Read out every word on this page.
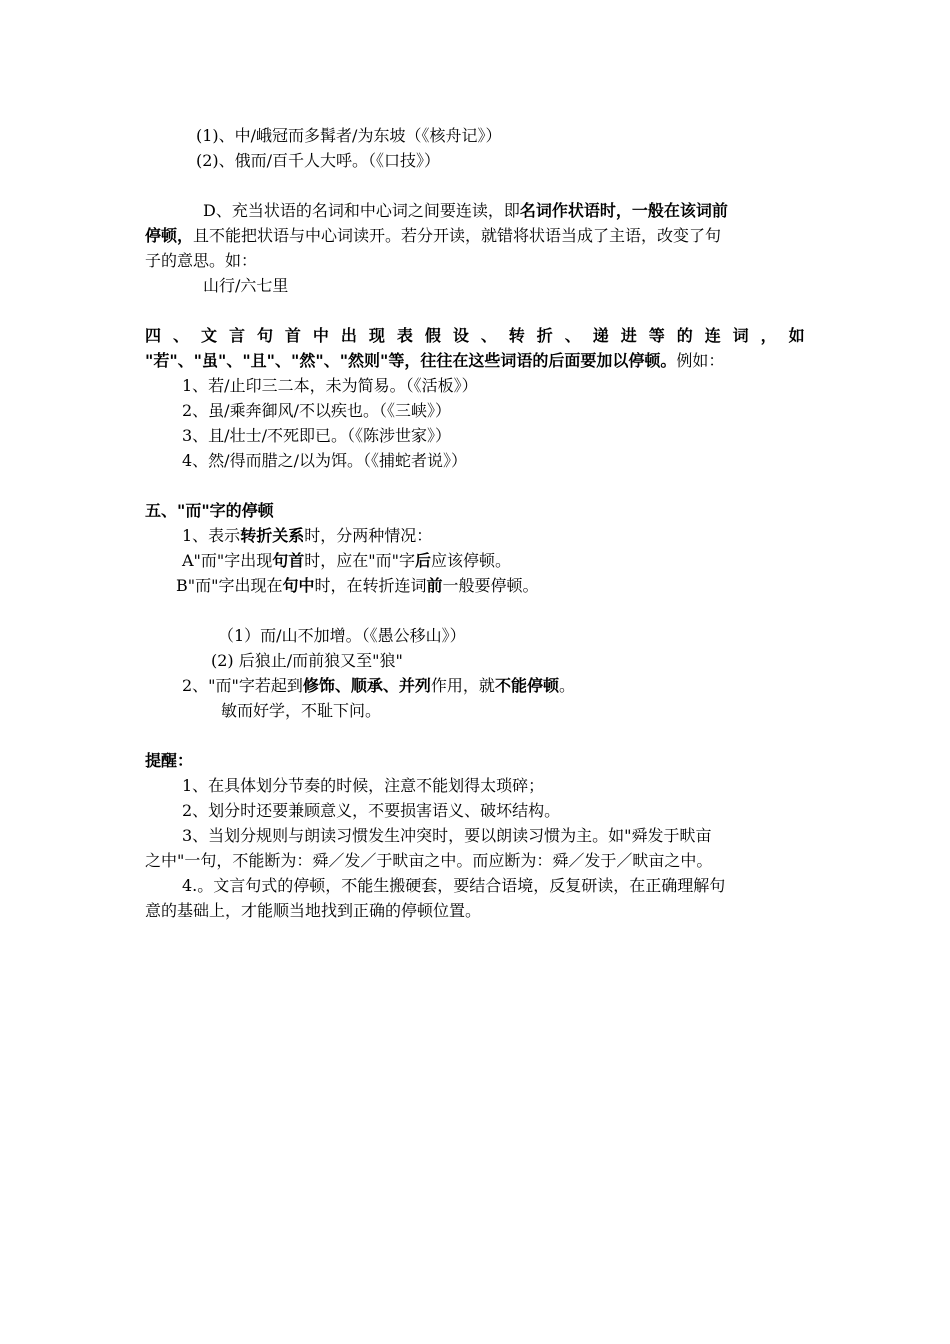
(1)、中/峨冠而多髯者/为东坡（《核舟记》）
(2)、俄而/百千人大呼。（《口技》）
D、充当状语的名词和中心词之间要连读，即名词作状语时，一般在该词前
停顿，且不能把状语与中心词读开。若分开读，就错将状语当成了主语，改变了句
子的意思。如：
山行/六七里
四 、 文 言 句 首 中 出 现 表 假 设 、 转 折 、 递 进 等 的 连 词 ， 如
"若"、"虽"、"且"、"然"、"然则"等，往往在这些词语的后面要加以停顿。例如：
1、若/止印三二本，未为简易。（《活板》）
2、虽/乘奔御风/不以疾也。（《三峡》）
3、且/壮士/不死即已。（《陈涉世家》）
4、然/得而腊之/以为饵。（《捕蛇者说》）
五、"而"字的停顿
1、表示转折关系时，分两种情况：
A"而"字出现句首时，应在"而"字后应该停顿。
B"而"字出现在句中时，在转折连词前一般要停顿。
（1）而/山不加增。（《愚公移山》）
(2) 后狼止/而前狼又至"狼"
2、"而"字若起到修饰、顺承、并列作用，就不能停顿。
敏而好学，不耻下问。
提醒：
1、在具体划分节奏的时候，注意不能划得太琐碎；
2、划分时还要兼顾意义，不要损害语义、破坏结构。
3、当划分规则与朗读习惯发生冲突时，要以朗读习惯为主。如"舜发于畎亩
之中"一句，不能断为：舜／发／于畎亩之中。而应断为：舜／发于／畎亩之中。
4.。文言句式的停顿，不能生搬硬套，要结合语境，反复研读，在正确理解句
意的基础上，才能顺当地找到正确的停顿位置。
